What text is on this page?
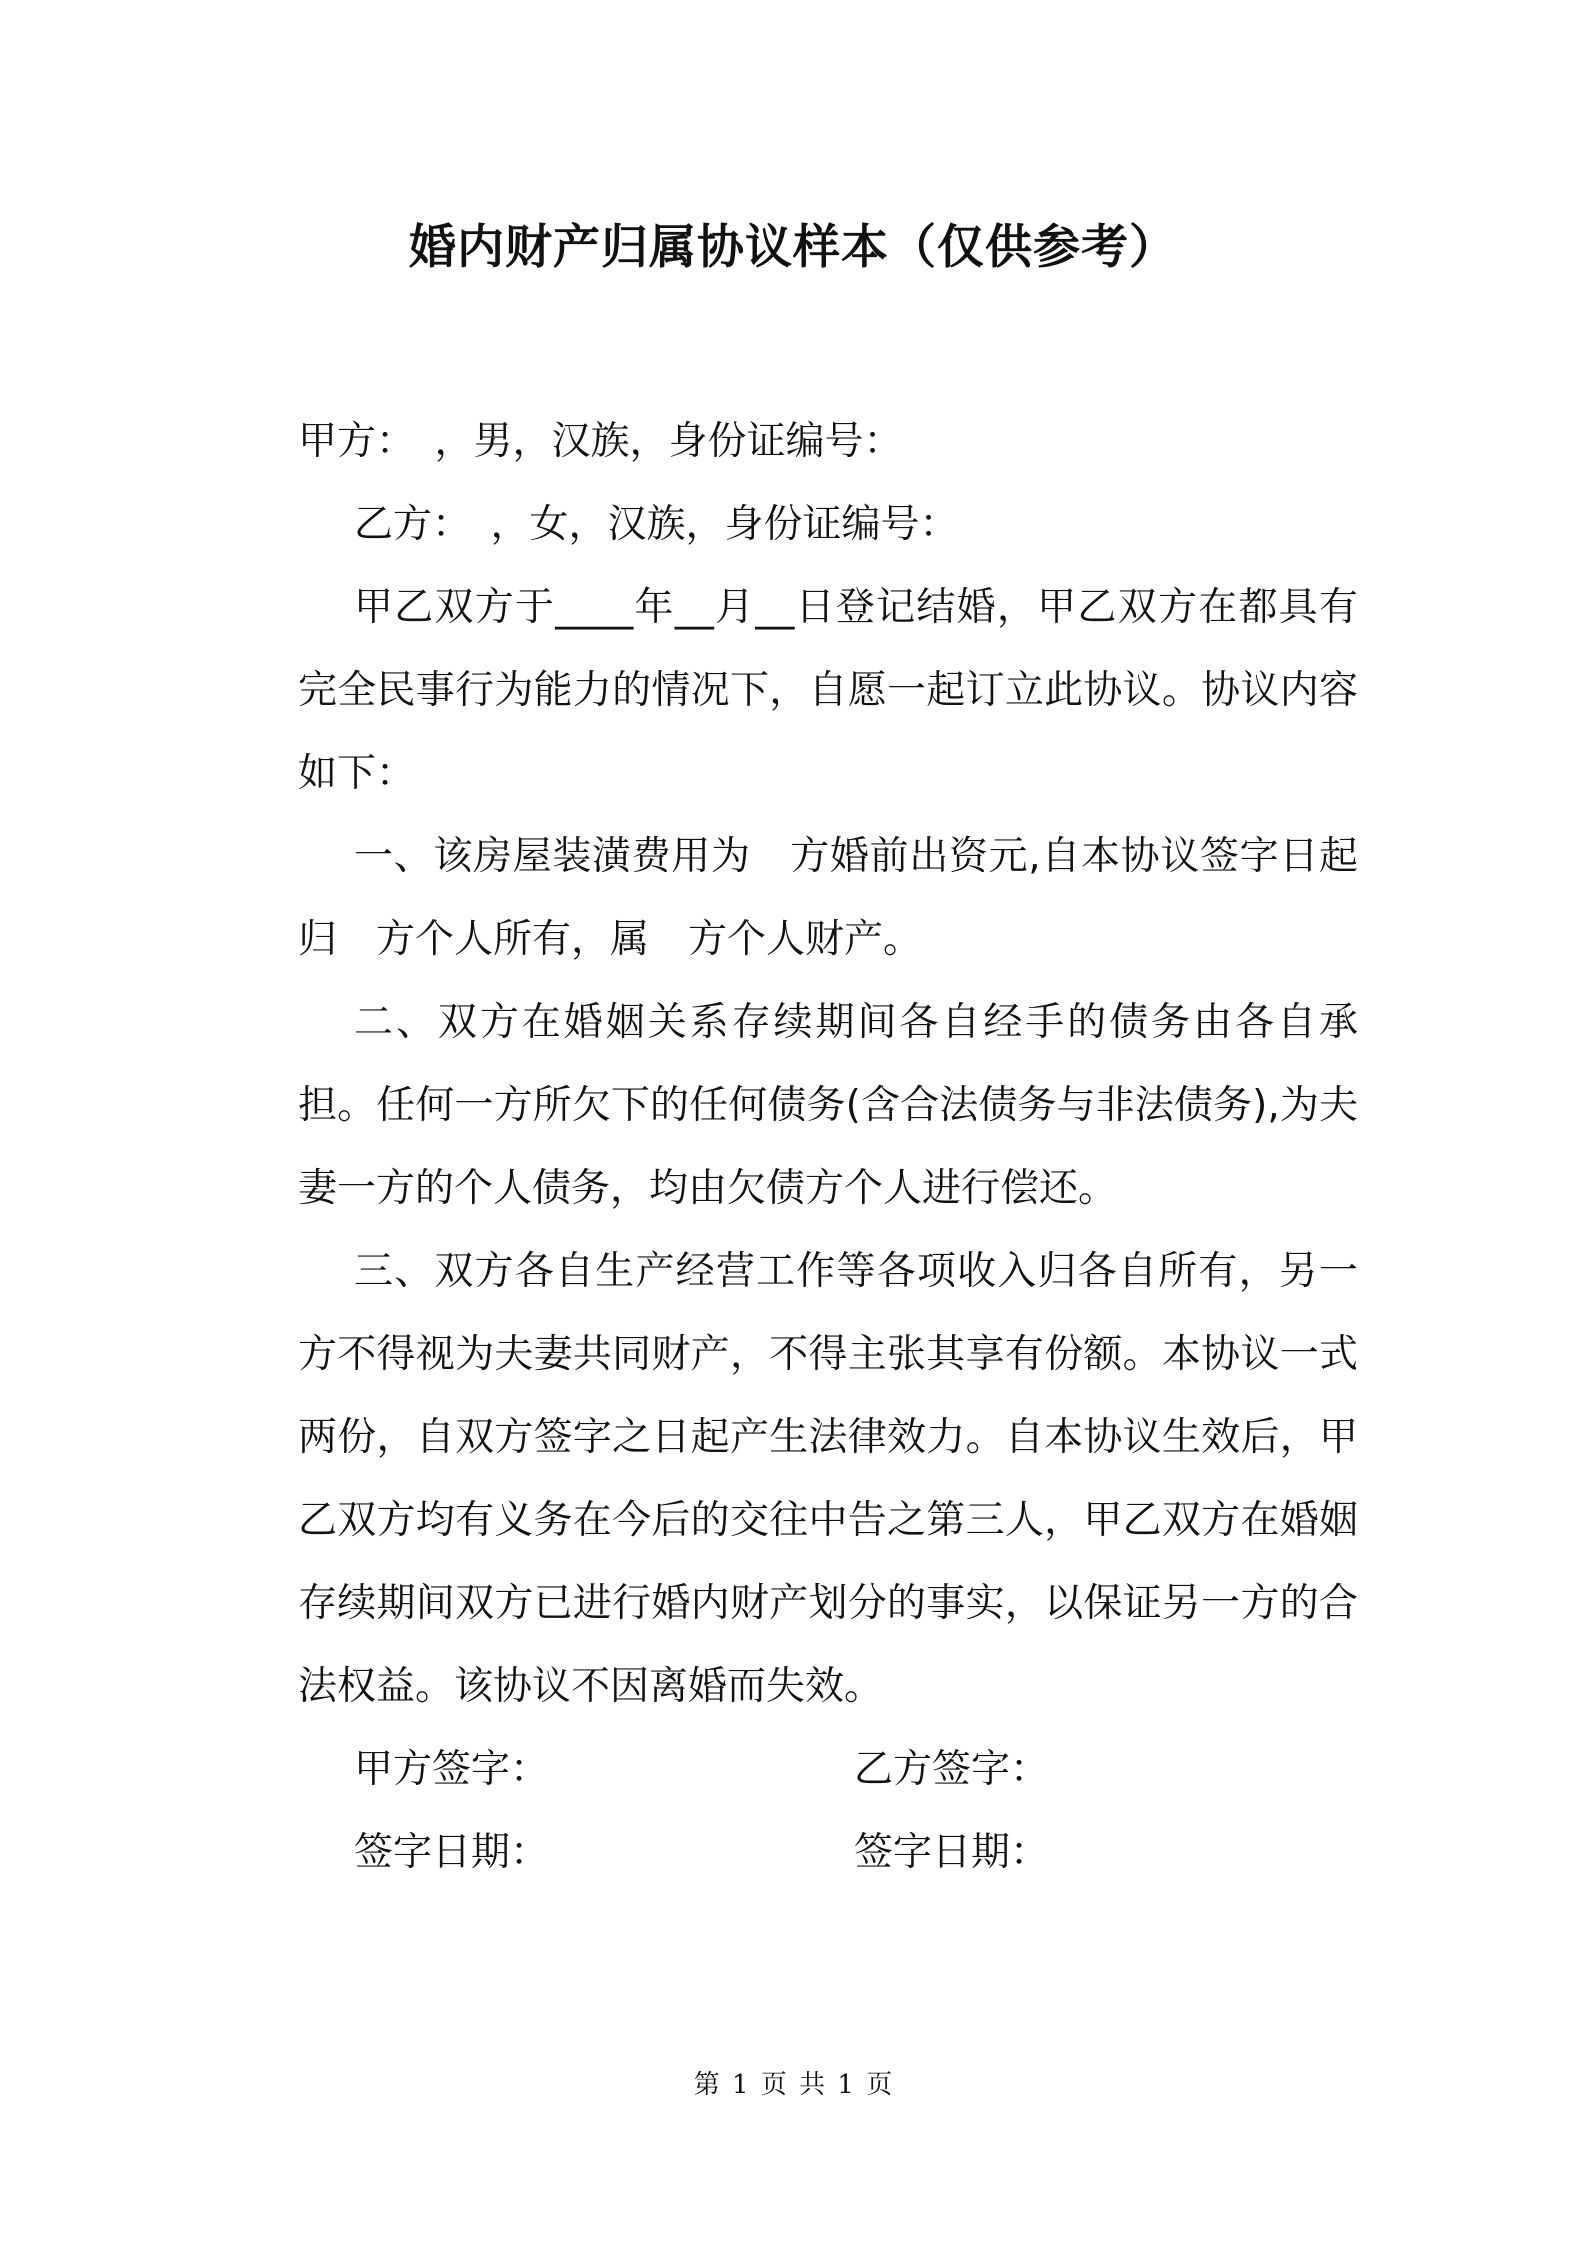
婚内财产归属协议样本（仅供参考）

甲方：　，男，汉族，身份证编号：

乙方：　，女，汉族，身份证编号：

甲乙双方于____年__月__日登记结婚，甲乙双方在都具有完全民事行为能力的情况下，自愿一起订立此协议。协议内容如下：

一、该房屋装潢费用为　方婚前出资元,自本协议签字日起归　方个人所有，属　方个人财产。

二、双方在婚姻关系存续期间各自经手的债务由各自承担。任何一方所欠下的任何债务(含合法债务与非法债务),为夫妻一方的个人债务，均由欠债方个人进行偿还。

三、双方各自生产经营工作等各项收入归各自所有，另一方不得视为夫妻共同财产，不得主张其享有份额。本协议一式两份，自双方签字之日起产生法律效力。自本协议生效后，甲乙双方均有义务在今后的交往中告之第三人，甲乙双方在婚姻存续期间双方已进行婚内财产划分的事实，以保证另一方的合法权益。该协议不因离婚而失效。

甲方签字：	乙方签字：
签字日期：	签字日期：
第 1 页 共 1 页
